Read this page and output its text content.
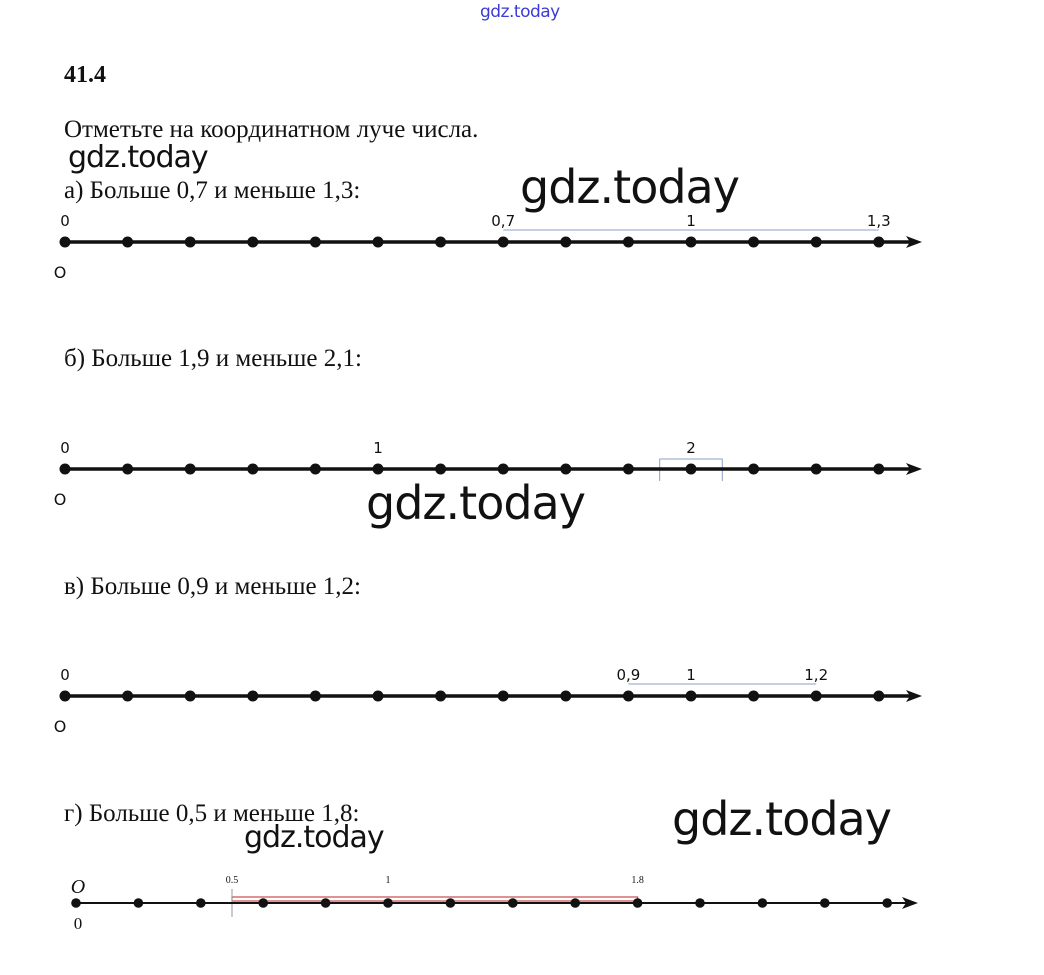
gdz.today
gdz.today
gdz.today
gdz.today
gdz.today
gdz.today
41.4
Отметьте на координатном луче числа.
а) Больше 0,7 и меньше 1,3:
б) Больше 1,9 и меньше 2,1:
в) Больше 0,9 и меньше 1,2:
г) Больше 0,5 и меньше 1,8:
0	0,7	1	1,3
O
0	1	2
O
0	0,9	1	1,2
O
0.5	1	1.8
O
0
